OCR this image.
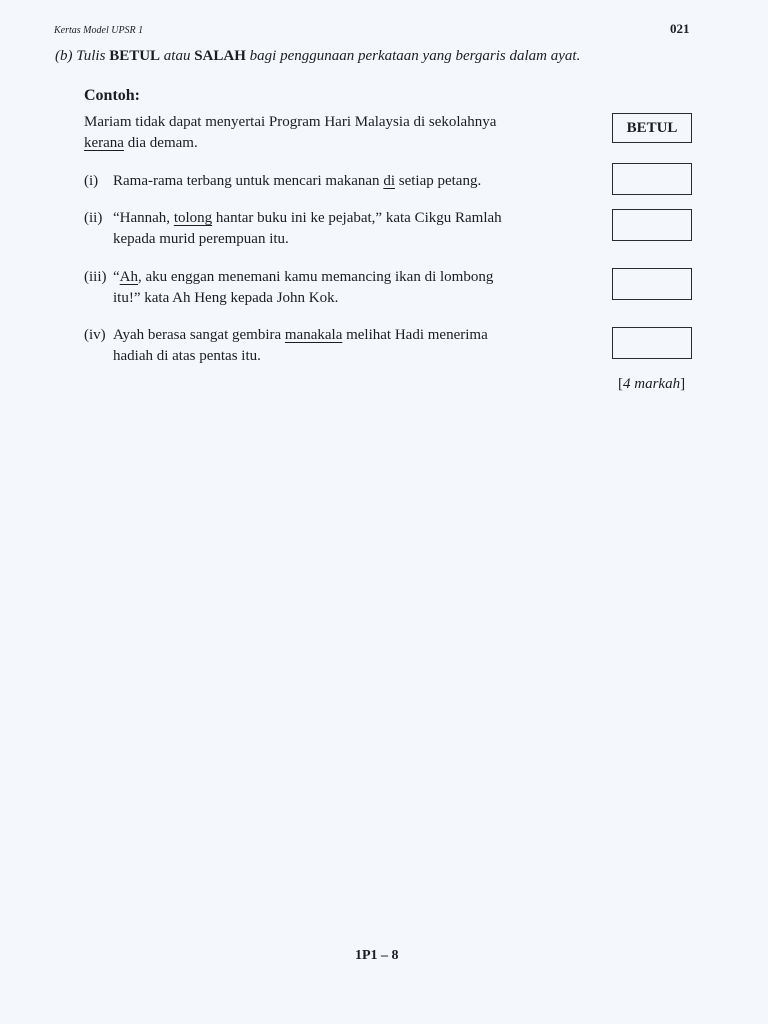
Kertas Model UPSR 1	021
(b) Tulis BETUL atau SALAH bagi penggunaan perkataan yang bergaris dalam ayat.
Contoh:
Mariam tidak dapat menyertai Program Hari Malaysia di sekolahnya
kerana dia demam.
BETUL
(i) Rama-rama terbang untuk mencari makanan di setiap petang.
(ii) “Hannah, tolong hantar buku ini ke pejabat,” kata Cikgu Ramlah
kepada murid perempuan itu.
(iii) “Ah, aku enggan menemani kamu memancing ikan di lombong
itu!” kata Ah Heng kepada John Kok.
(iv) Ayah berasa sangat gembira manakala melihat Hadi menerima
hadiah di atas pentas itu.
[4 markah]
1P1 – 8
